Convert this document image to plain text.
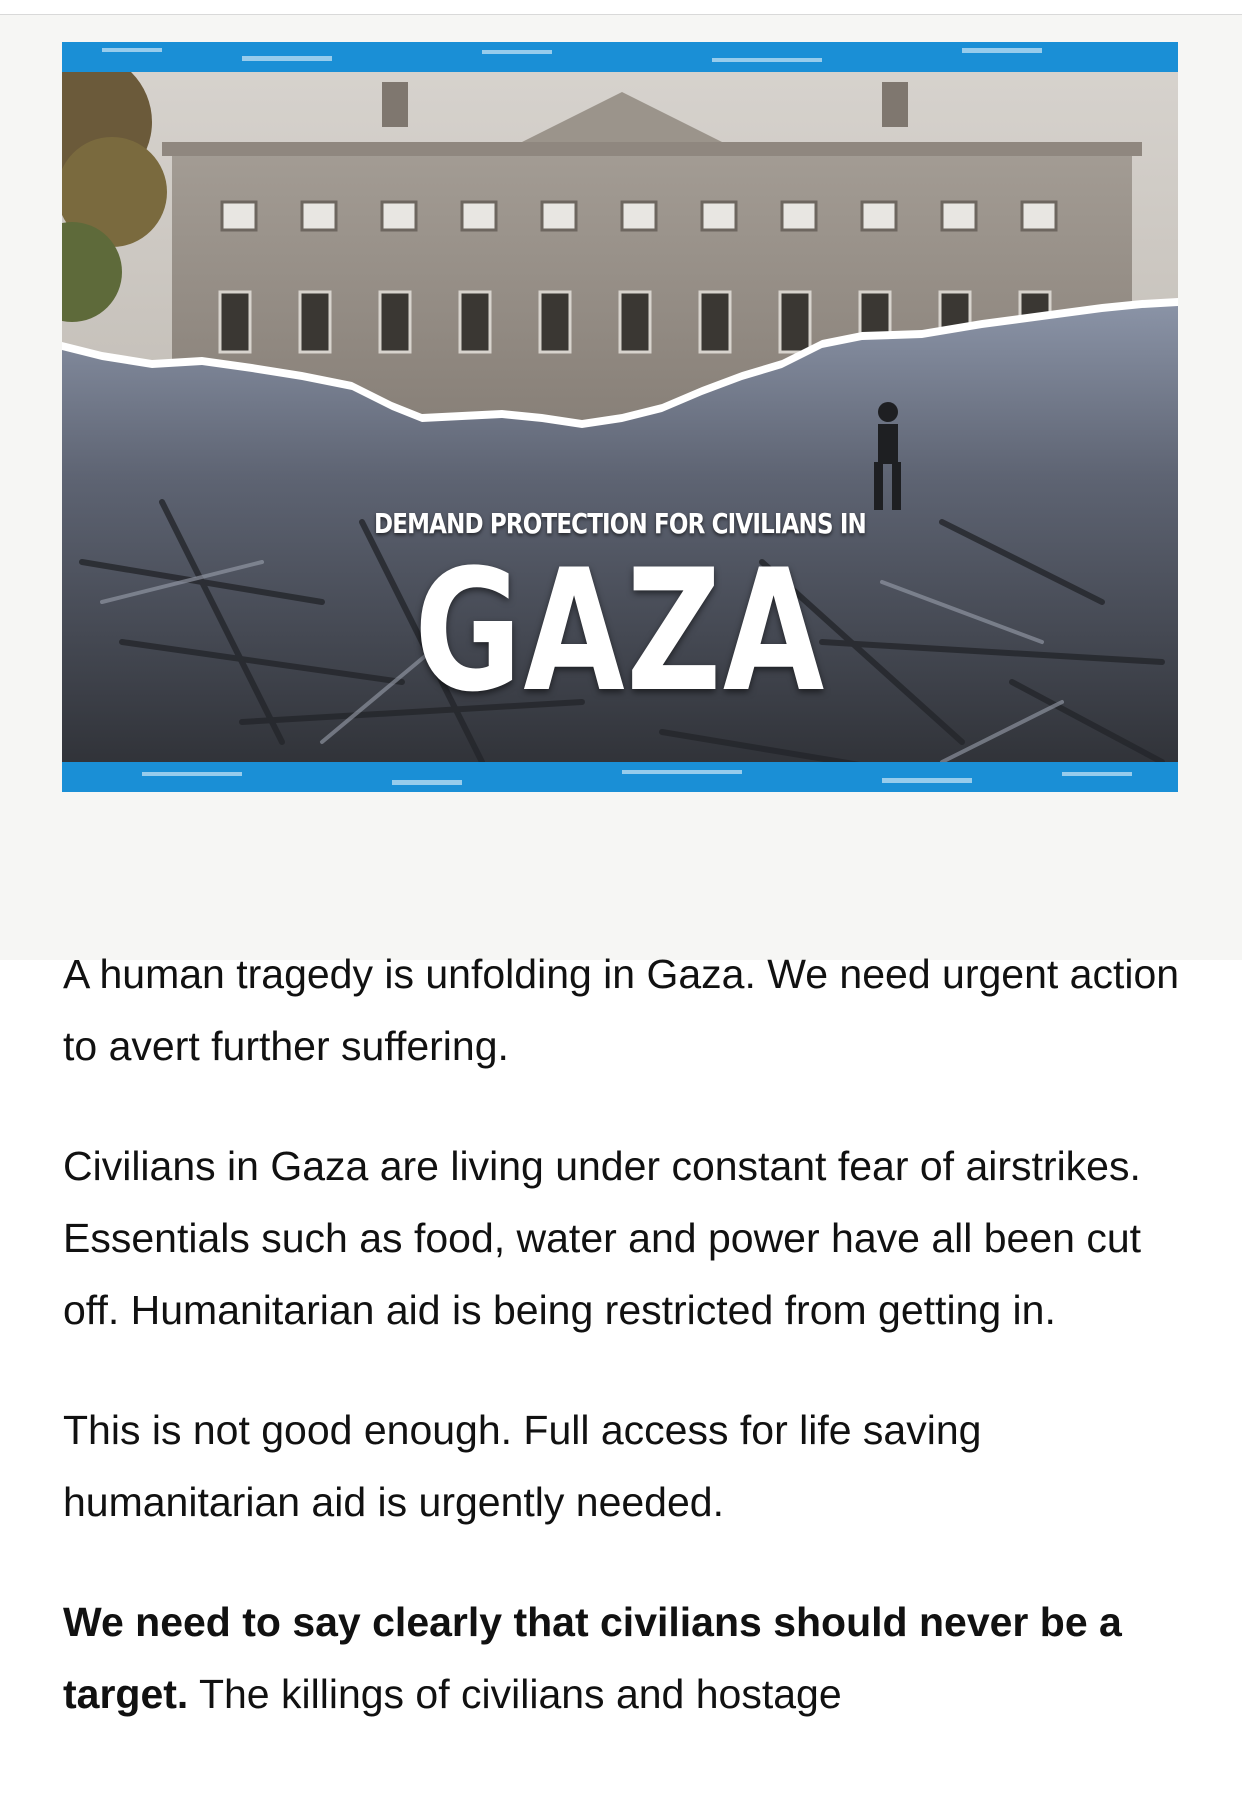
DEMAND PROTECTION FOR CIVILIANS IN
GAZA

A human tragedy is unfolding in Gaza. We need urgent action to avert further suffering.

Civilians in Gaza are living under constant fear of airstrikes. Essentials such as food, water and power have all been cut off. Humanitarian aid is being restricted from getting in.

This is not good enough. Full access for life saving humanitarian aid is urgently needed.

We need to say clearly that civilians should never be a target. The killings of civilians and hostage
